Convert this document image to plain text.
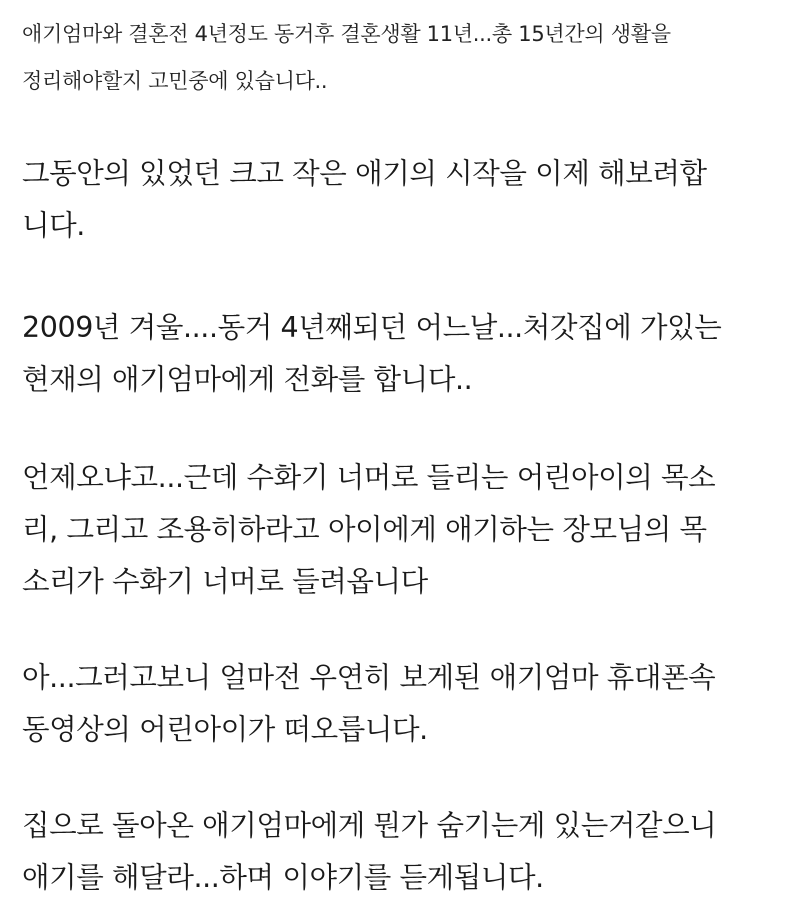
애기엄마와 결혼전 4년정도 동거후 결혼생활 11년...총 15년간의 생활을
정리해야할지 고민중에 있습니다..
그동안의 있었던 크고 작은 애기의 시작을 이제 해보려합
니다.
2009년 겨울....동거 4년째되던 어느날...처갓집에 가있는
현재의 애기엄마에게 전화를 합니다..
언제오냐고...근데 수화기 너머로 들리는 어린아이의 목소
리, 그리고 조용히하라고 아이에게 애기하는 장모님의 목
소리가 수화기 너머로 들려옵니다
아...그러고보니 얼마전 우연히 보게된 애기엄마 휴대폰속
동영상의 어린아이가 떠오릅니다.
집으로 돌아온 애기엄마에게 뭔가 숨기는게 있는거같으니
애기를 해달라...하며 이야기를 듣게됩니다.
